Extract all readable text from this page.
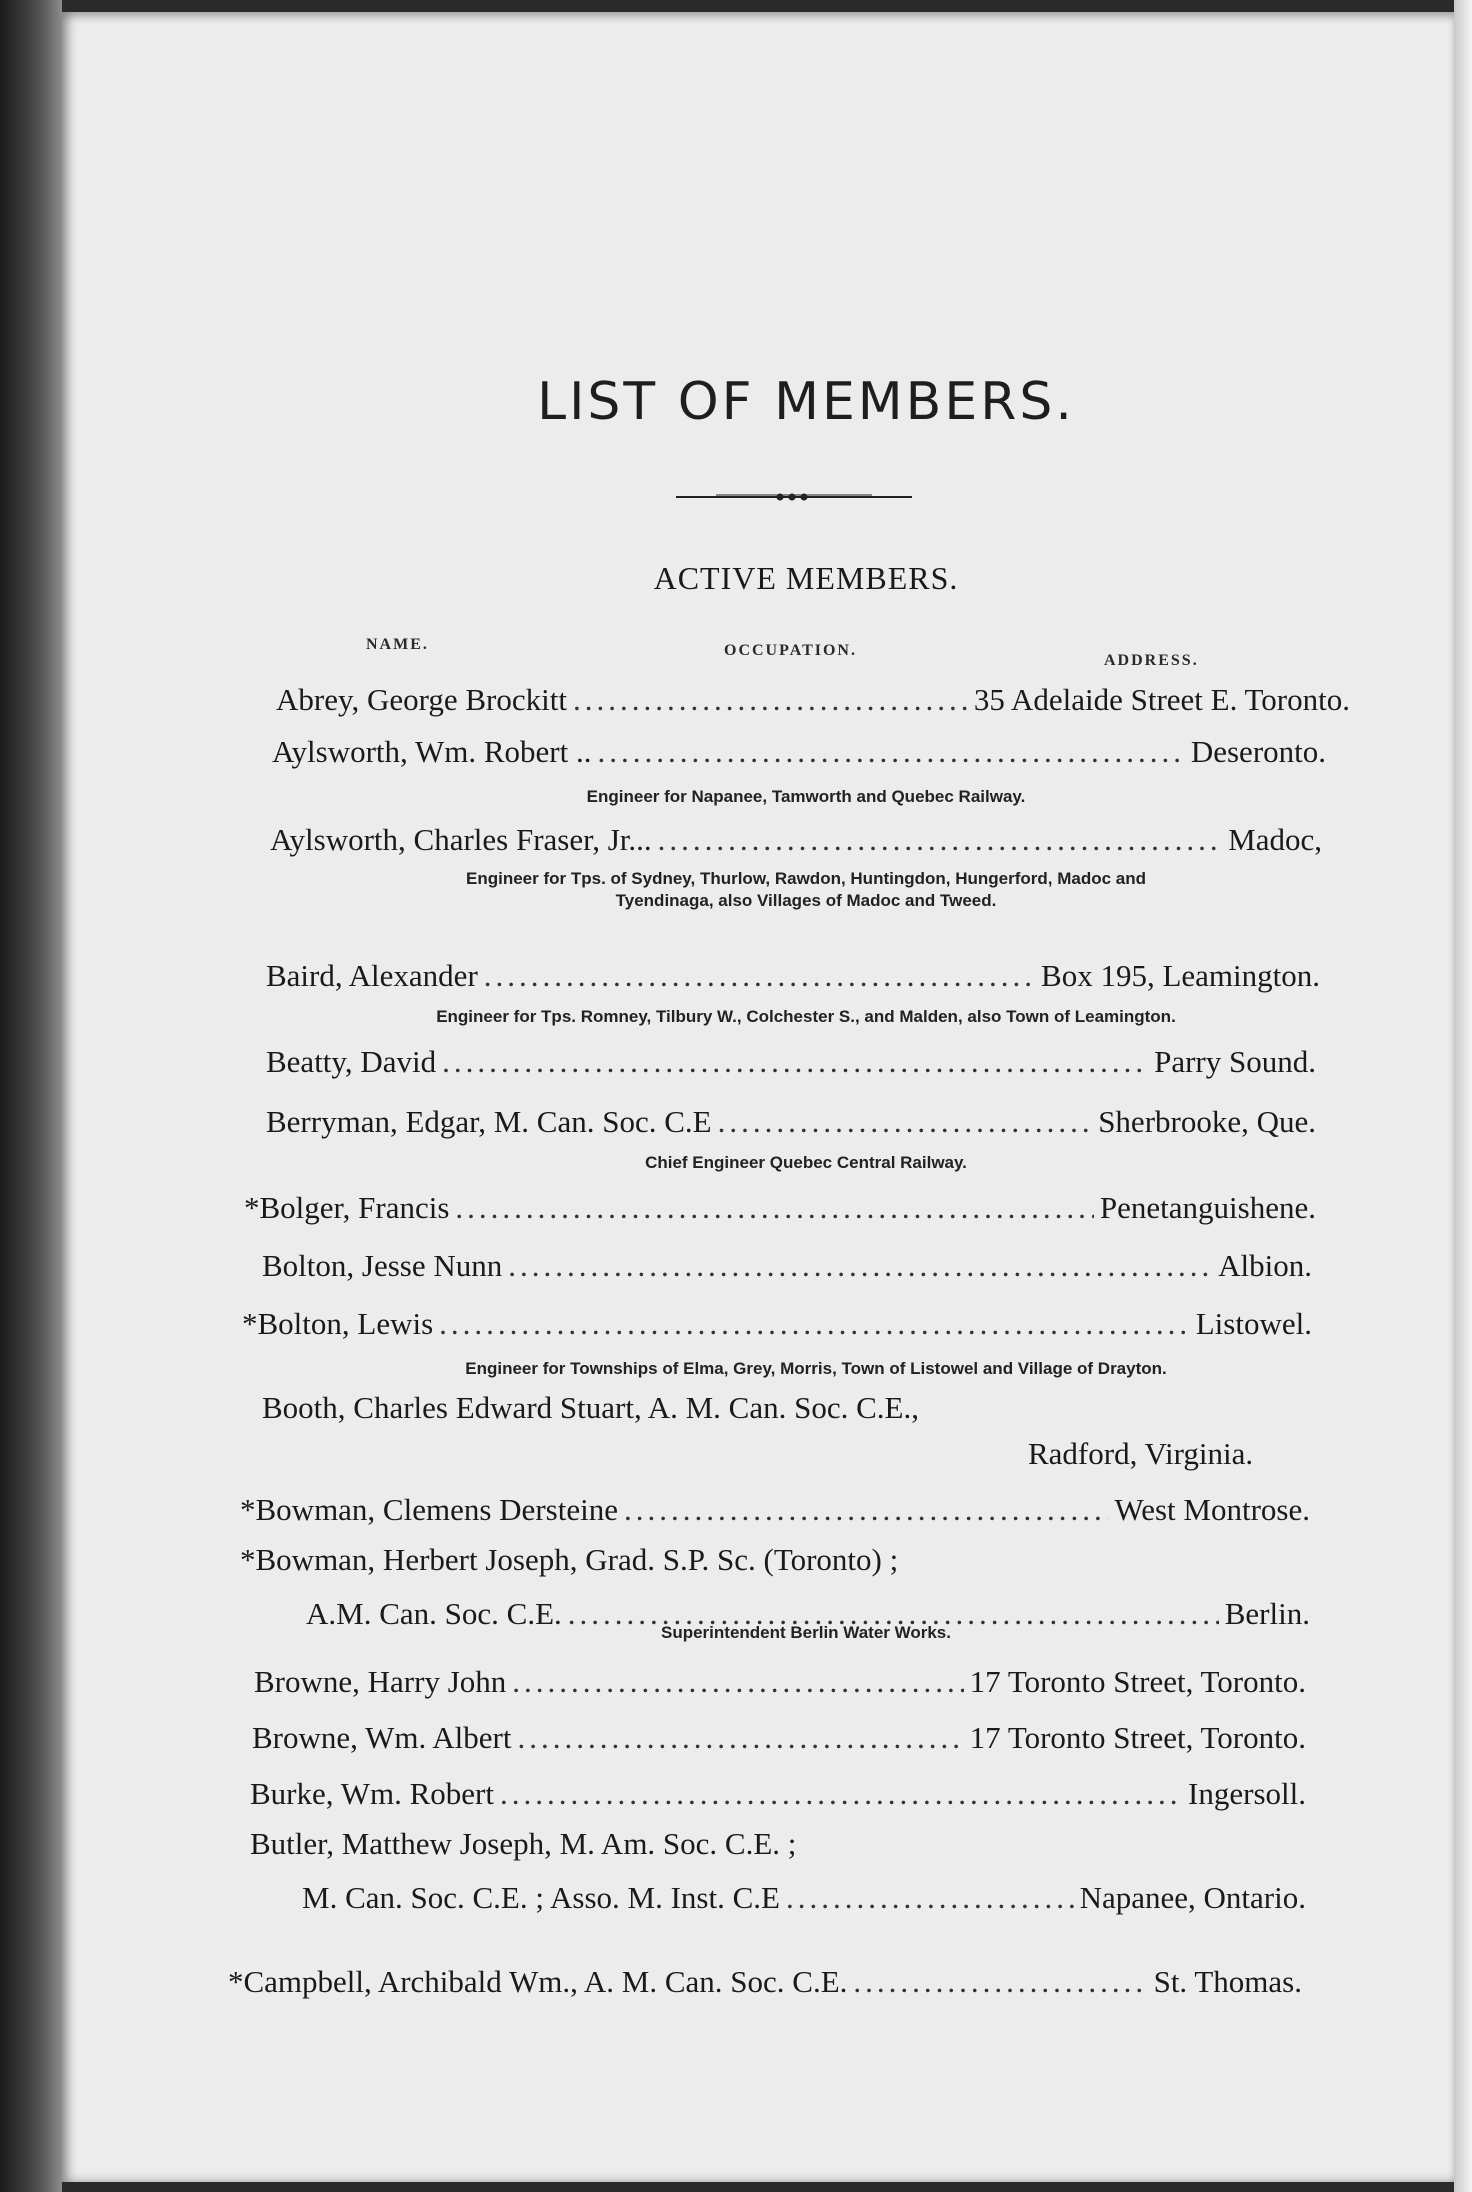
LIST OF MEMBERS.
ACTIVE MEMBERS.
NAME.	OCCUPATION.
ADDRESS.
Abrey, George Brockitt .....	35 Adelaide Street E. Toronto.
Aylsworth, Wm. Robert .. .....	Deseronto.
Engineer for Napanee, Tamworth and Quebec Railway.
Aylsworth, Charles Fraser, Jr... .....	Madoc,
Engineer for Tps. of Sydney, Thurlow, Rawdon, Huntingdon, Hungerford, Madoc and
Tyendinaga, also Villages of Madoc and Tweed.
Baird, Alexander .....	Box 195, Leamington.
Engineer for Tps. Romney, Tilbury W., Colchester S., and Malden, also Town of Leamington.
Beatty, David .....	Parry Sound.
Berryman, Edgar, M. Can. Soc. C.E .....	Sherbrooke, Que.
Chief Engineer Quebec Central Railway.
*Bolger, Francis .....	Penetanguishene.
Bolton, Jesse Nunn .....	Albion.
*Bolton, Lewis .....	Listowel.
Engineer for Townships of Elma, Grey, Morris, Town of Listowel and Village of Drayton.
Booth, Charles Edward Stuart, A. M. Can. Soc. C.E.,
Radford, Virginia.
*Bowman, Clemens Dersteine .....	West Montrose.
*Bowman, Herbert Joseph, Grad. S.P. Sc. (Toronto) ;
A.M. Can. Soc. C.E. .....	Berlin.
Superintendent Berlin Water Works.
Browne, Harry John .....	17 Toronto Street, Toronto.
Browne, Wm. Albert .....	17 Toronto Street, Toronto.
Burke, Wm. Robert .....	Ingersoll.
Butler, Matthew Joseph, M. Am. Soc. C.E. ;
M. Can. Soc. C.E. ; Asso. M. Inst. C.E .....	Napanee, Ontario.
*Campbell, Archibald Wm., A. M. Can. Soc. C.E. .....	St. Thomas.
